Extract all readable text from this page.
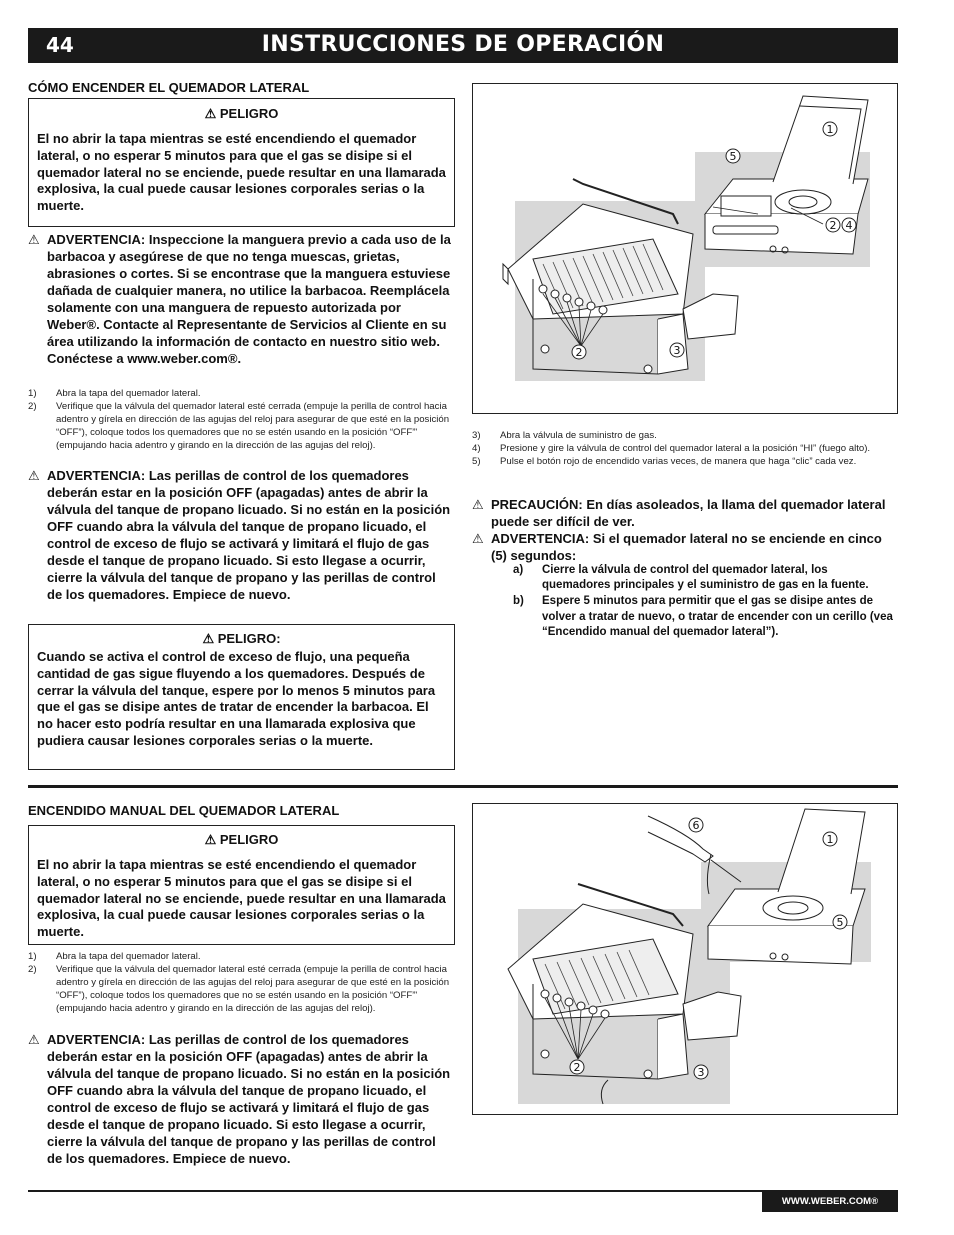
44	INSTRUCCIONES DE OPERACIÓN
CÓMO ENCENDER EL QUEMADOR LATERAL
⚠ PELIGRO

El no abrir la tapa mientras se esté encendiendo el quemador lateral, o no esperar 5 minutos para que el gas se disipe si el quemador lateral no se enciende, puede resultar en una llamarada explosiva, la cual puede causar lesiones corporales serias o la muerte.

⚠ ADVERTENCIA: Inspeccione la manguera previo a cada uso de la barbacoa y asegúrese de que no tenga muescas, grietas, abrasiones o cortes. Si se encontrase que la manguera estuviese dañada de cualquier manera, no utilice la barbacoa. Reemplácela solamente con una manguera de repuesto autorizada por Weber®. Contacte al Representante de Servicios al Cliente en su área utilizando la información de contacto en nuestro sitio web. Conéctese a www.weber.com®.
1) Abra la tapa del quemador lateral.
2) Verifique que la válvula del quemador lateral esté cerrada (empuje la perilla de control hacia adentro y gírela en dirección de las agujas del reloj para asegurar de que esté en la posición “OFF”), coloque todos los quemadores que no se estén usando en la posición “OFF”' (empujando hacia adentro y girando en la dirección de las agujas del reloj).
⚠ ADVERTENCIA: Las perillas de control de los quemadores deberán estar en la posición OFF (apagadas) antes de abrir la válvula del tanque de propano licuado. Si no están en la posición OFF cuando abra la válvula del tanque de propano licuado, el control de exceso de flujo se activará y limitará el flujo de gas desde el tanque de propano licuado. Si esto llegase a ocurrir, cierre la válvula del tanque de propano y las perillas de control de los quemadores. Empiece de nuevo.
⚠ PELIGRO:

Cuando se activa el control de exceso de flujo, una pequeña cantidad de gas sigue fluyendo a los quemadores. Después de cerrar la válvula del tanque, espere por lo menos 5 minutos para que el gas se disipe antes de tratar de encender la barbacoa. El no hacer esto podría resultar en una llamarada explosiva que pudiera causar lesiones corporales serias o la muerte.

1
5
2 4
2	3
3) Abra la válvula de suministro de gas.
4) Presione y gire la válvula de control del quemador lateral a la posición “HI” (fuego alto).
5) Pulse el botón rojo de encendido varias veces, de manera que haga “clic” cada vez.
⚠ PRECAUCIÓN: En días asoleados, la llama del quemador lateral puede ser difícil de ver.
⚠ ADVERTENCIA: Si el quemador lateral no se enciende en cinco (5) segundos:
a) Cierre la válvula de control del quemador lateral, los quemadores principales y el suministro de gas en la fuente.
b) Espere 5 minutos para permitir que el gas se disipe antes de volver a tratar de nuevo, o tratar de encender con un cerillo (vea “Encendido manual del quemador lateral”).
ENCENDIDO MANUAL DEL QUEMADOR LATERAL
⚠ PELIGRO

El no abrir la tapa mientras se esté encendiendo el quemador lateral, o no esperar 5 minutos para que el gas se disipe si el quemador lateral no se enciende, puede resultar en una llamarada explosiva, la cual puede causar lesiones corporales serias o la muerte.

1) Abra la tapa del quemador lateral.
2) Verifique que la válvula del quemador lateral esté cerrada (empuje la perilla de control hacia adentro y gírela en dirección de las agujas del reloj para asegurar de que esté en la posición “OFF”), coloque todos los quemadores que no se estén usando en la posición “OFF”' (empujando hacia adentro y girando en la dirección de las agujas del reloj).
⚠ ADVERTENCIA: Las perillas de control de los quemadores deberán estar en la posición OFF (apagadas) antes de abrir la válvula del tanque de propano licuado. Si no están en la posición OFF cuando abra la válvula del tanque de propano licuado, el control de exceso de flujo se activará y limitará el flujo de gas desde el tanque de propano licuado. Si esto llegase a ocurrir, cierre la válvula del tanque de propano y las perillas de control de los quemadores. Empiece de nuevo.
6
1
5
2	3
WWW.WEBER.COM®
